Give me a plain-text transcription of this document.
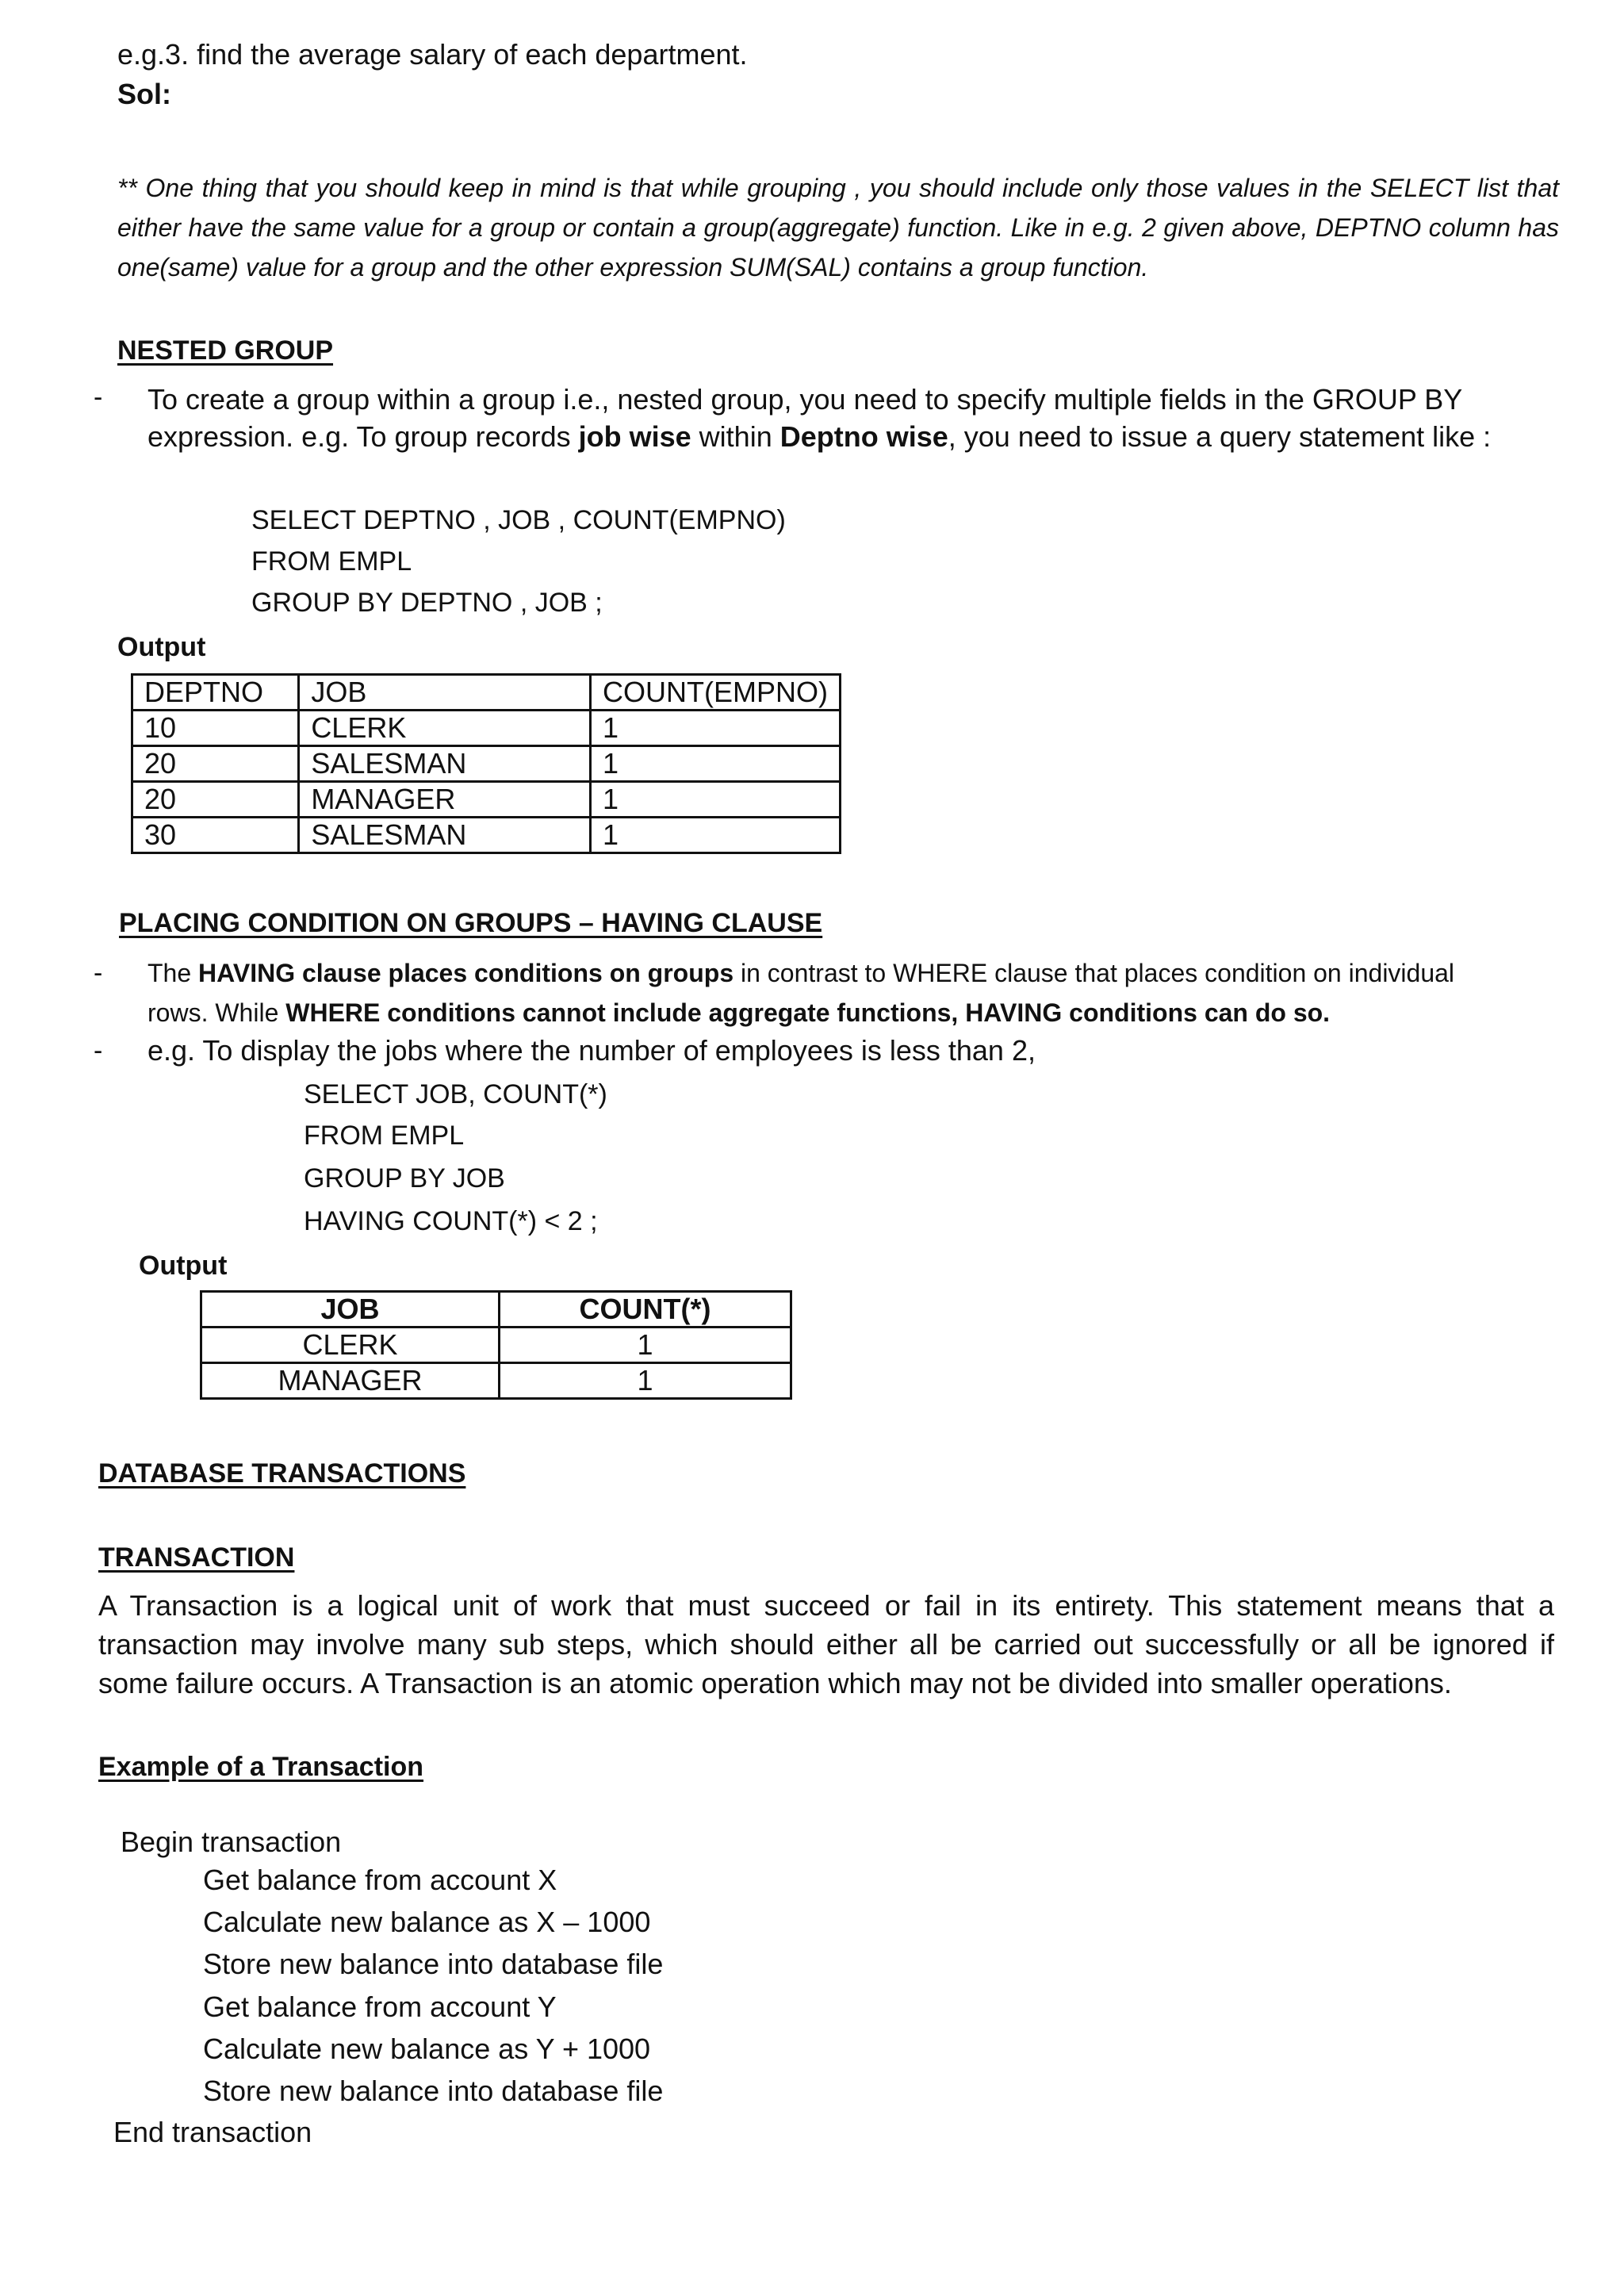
e.g.3. find the average salary of each department.
Sol:
** One thing that you should keep in mind is that while grouping , you should include only those values in the SELECT list that either have the same value for a group or contain a group(aggregate) function. Like in e.g. 2 given above, DEPTNO column has one(same) value for a group and the other expression SUM(SAL) contains a group function.
NESTED GROUP
- To create a group within a group i.e., nested group, you need to specify multiple fields in the GROUP BY expression. e.g. To group records job wise within Deptno wise, you need to issue a query statement like :
SELECT DEPTNO , JOB , COUNT(EMPNO)
FROM EMPL
GROUP BY DEPTNO , JOB ;
Output
DEPTNO	JOB	COUNT(EMPNO)
10	CLERK	1
20	SALESMAN	1
20	MANAGER	1
30	SALESMAN	1
PLACING CONDITION ON GROUPS – HAVING CLAUSE
- The HAVING clause places conditions on groups in contrast to WHERE clause that places condition on individual rows. While WHERE conditions cannot include aggregate functions, HAVING conditions can do so.
- e.g. To display the jobs where the number of employees is less than 2,
SELECT JOB, COUNT(*)
FROM EMPL
GROUP BY JOB
HAVING COUNT(*) < 2 ;
Output
JOB	COUNT(*)
CLERK	1
MANAGER	1
DATABASE TRANSACTIONS
TRANSACTION
A Transaction is a logical unit of work that must succeed or fail in its entirety. This statement means that a transaction may involve many sub steps, which should either all be carried out successfully or all be ignored if some failure occurs. A Transaction is an atomic operation which may not be divided into smaller operations.
Example of a Transaction
Begin transaction
Get balance from account X
Calculate new balance as X – 1000
Store new balance into database file
Get balance from account Y
Calculate new balance as Y + 1000
Store new balance into database file
End transaction
